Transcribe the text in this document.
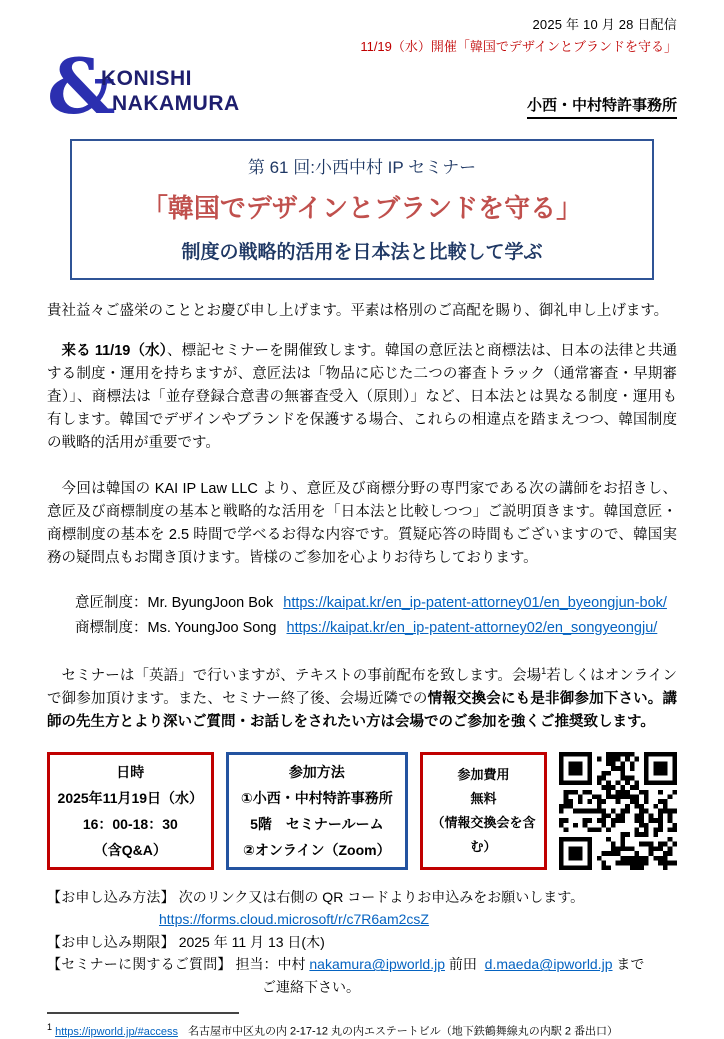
2025 年 10 月 28 日配信
11/19（水）開催「韓国でデザインとブランドを守る」
&
KONISHI
NAKAMURA	小西・中村特許事務所
第 61 回:小西中村 IP セミナー
「韓国でデザインとブランドを守る」
制度の戦略的活用を日本法と比較して学ぶ
貴社益々ご盛栄のこととお慶び申し上げます。平素は格別のご高配を賜り、御礼申し上げます。
来る 11/19（水）、標記セミナーを開催致します。韓国の意匠法と商標法は、日本の法律と共通する制度・運用を持ちますが、意匠法は「物品に応じた二つの審査トラック（通常審査・早期審査）」、商標法は「並存登録合意書の無審査受入（原則）」など、日本法とは異なる制度・運用も有します。韓国でデザインやブランドを保護する場合、これらの相違点を踏まえつつ、韓国制度の戦略的活用が重要です。
今回は韓国の KAI IP Law LLC より、意匠及び商標分野の専門家である次の講師をお招きし、意匠及び商標制度の基本と戦略的な活用を「日本法と比較しつつ」ご説明頂きます。韓国意匠・商標制度の基本を 2.5 時間で学べるお得な内容です。質疑応答の時間もございますので、韓国実務の疑問点もお聞き頂けます。皆様のご参加を心よりお待ちしております。
意匠制度：Mr. ByungJoon Bok https://kaipat.kr/en_ip-patent-attorney01/en_byeongjun-bok/
商標制度：Ms. YoungJoo Song https://kaipat.kr/en_ip-patent-attorney02/en_songyeongju/
セミナーは「英語」で行いますが、テキストの事前配布を致します。会場$^1$若しくはオンラインで御参加頂けます。また、セミナー終了後、会場近隣での情報交換会にも是非御参加下さい。講師の先生方とより深いご質問・お話しをされたい方は会場でのご参加を強くご推奨致します。
日時
2025年11月19日（水）
16：00-18：30
（含Q&A）
参加方法
①小西・中村特許事務所
5階　セミナールーム
②オンライン（Zoom）
参加費用
無料
（情報交換会を含む）
【お申し込み方法】 次のリンク又は右側の QR コードよりお申込みをお願いします。
https://forms.cloud.microsoft/r/c7R6am2csZ
【お申し込み期限】 2025 年 11 月 13 日(木)
【セミナーに関するご質問】 担当：中村 nakamura@ipworld.jp 前田 d.maeda@ipworld.jp まで
ご連絡下さい。
$^1$ https://ipworld.jp/#access 名古屋市中区丸の内 2-17-12 丸の内エステートビル（地下鉄鶴舞線丸の内駅 2 番出口）
